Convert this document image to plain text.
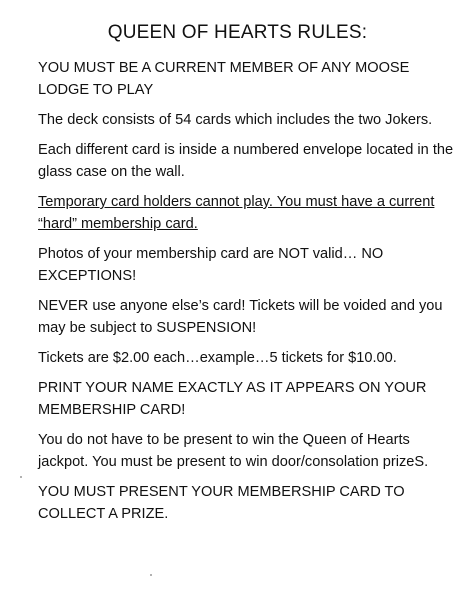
QUEEN OF HEARTS RULES:

YOU MUST BE A CURRENT MEMBER OF ANY MOOSE LODGE TO PLAY

The deck consists of 54 cards which includes the two Jokers.

Each different card is inside a numbered envelope located in the glass case on the wall.

Temporary card holders cannot play. You must have a current “hard” membership card.

Photos of your membership card are NOT valid… NO EXCEPTIONS!

NEVER use anyone else’s card! Tickets will be voided and you may be subject to SUSPENSION!

Tickets are $2.00 each…example…5 tickets for $10.00.

PRINT YOUR NAME EXACTLY AS IT APPEARS ON YOUR MEMBERSHIP CARD!

You do not have to be present to win the Queen of Hearts jackpot. You must be present to win door/consolation prizeS.

YOU MUST PRESENT YOUR MEMBERSHIP CARD TO COLLECT A PRIZE.
